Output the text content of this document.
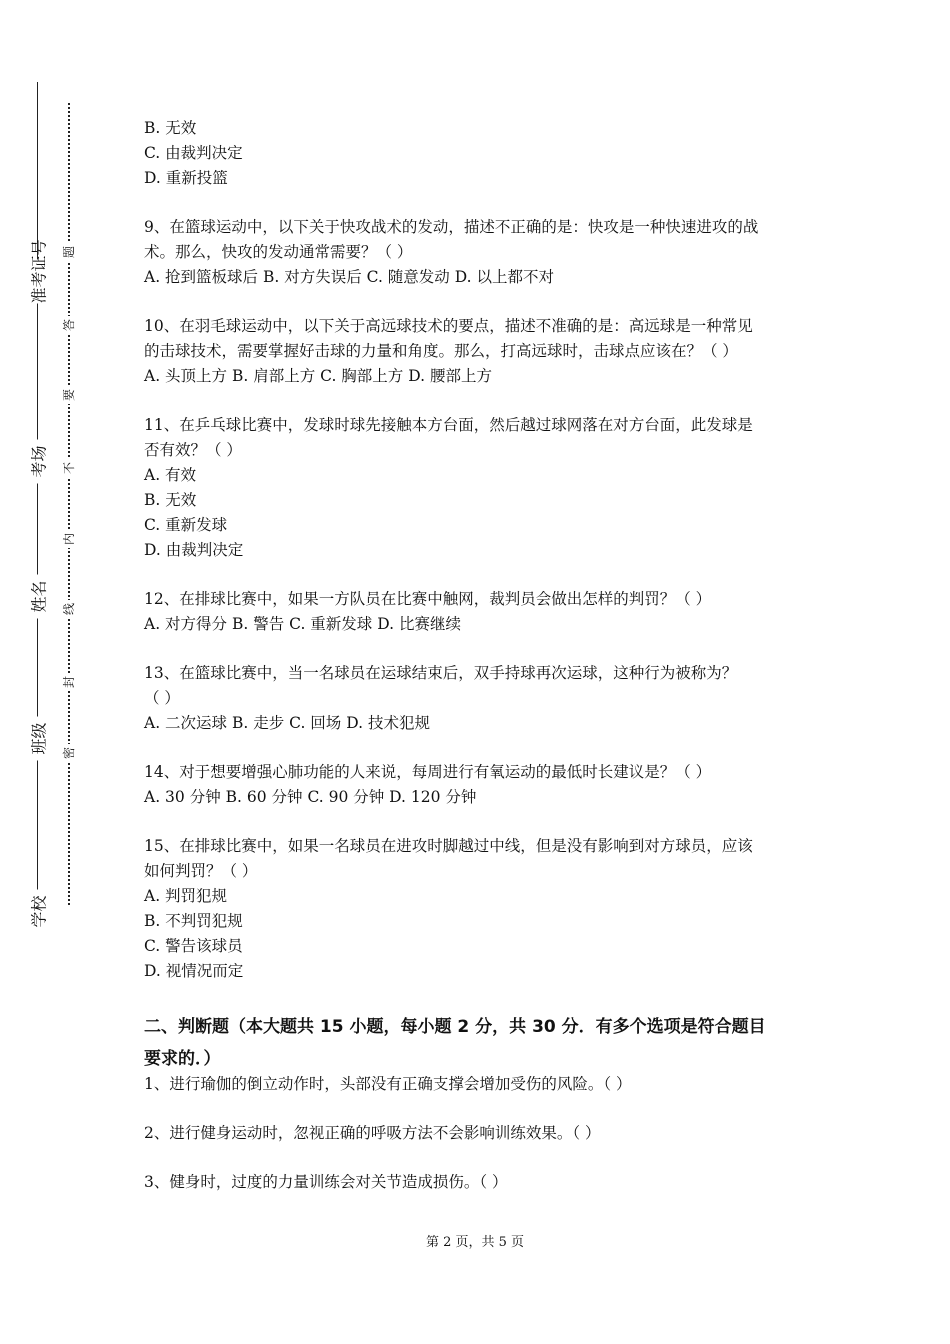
准考证号
考场
姓名
班级
学校
题
答
要
不
内
线
封
密
B. 无效
C. 由裁判决定
D. 重新投篮
9、在篮球运动中，以下关于快攻战术的发动，描述不正确的是：快攻是一种快速进攻的战
术。那么，快攻的发动通常需要？（ ）
A. 抢到篮板球后 B. 对方失误后 C. 随意发动 D. 以上都不对
10、在羽毛球运动中，以下关于高远球技术的要点，描述不准确的是：高远球是一种常见
的击球技术，需要掌握好击球的力量和角度。那么，打高远球时，击球点应该在？（ ）
A. 头顶上方 B. 肩部上方 C. 胸部上方 D. 腰部上方
11、在乒乓球比赛中，发球时球先接触本方台面，然后越过球网落在对方台面，此发球是
否有效？（ ）
A. 有效
B. 无效
C. 重新发球
D. 由裁判决定
12、在排球比赛中，如果一方队员在比赛中触网，裁判员会做出怎样的判罚？（ ）
A. 对方得分 B. 警告 C. 重新发球 D. 比赛继续
13、在篮球比赛中，当一名球员在运球结束后，双手持球再次运球，这种行为被称为？
（ ）
A. 二次运球 B. 走步 C. 回场 D. 技术犯规
14、对于想要增强心肺功能的人来说，每周进行有氧运动的最低时长建议是？（ ）
A. 30 分钟 B. 60 分钟 C. 90 分钟 D. 120 分钟
15、在排球比赛中，如果一名球员在进攻时脚越过中线，但是没有影响到对方球员，应该
如何判罚？（ ）
A. 判罚犯规
B. 不判罚犯规
C. 警告该球员
D. 视情况而定
二、判断题（本大题共 15 小题，每小题 2 分，共 30 分．有多个选项是符合题目
要求的．）
1、进行瑜伽的倒立动作时，头部没有正确支撑会增加受伤的风险。（ ）
2、进行健身运动时，忽视正确的呼吸方法不会影响训练效果。（ ）
3、健身时，过度的力量训练会对关节造成损伤。（ ）
第 2 页，共 5 页
